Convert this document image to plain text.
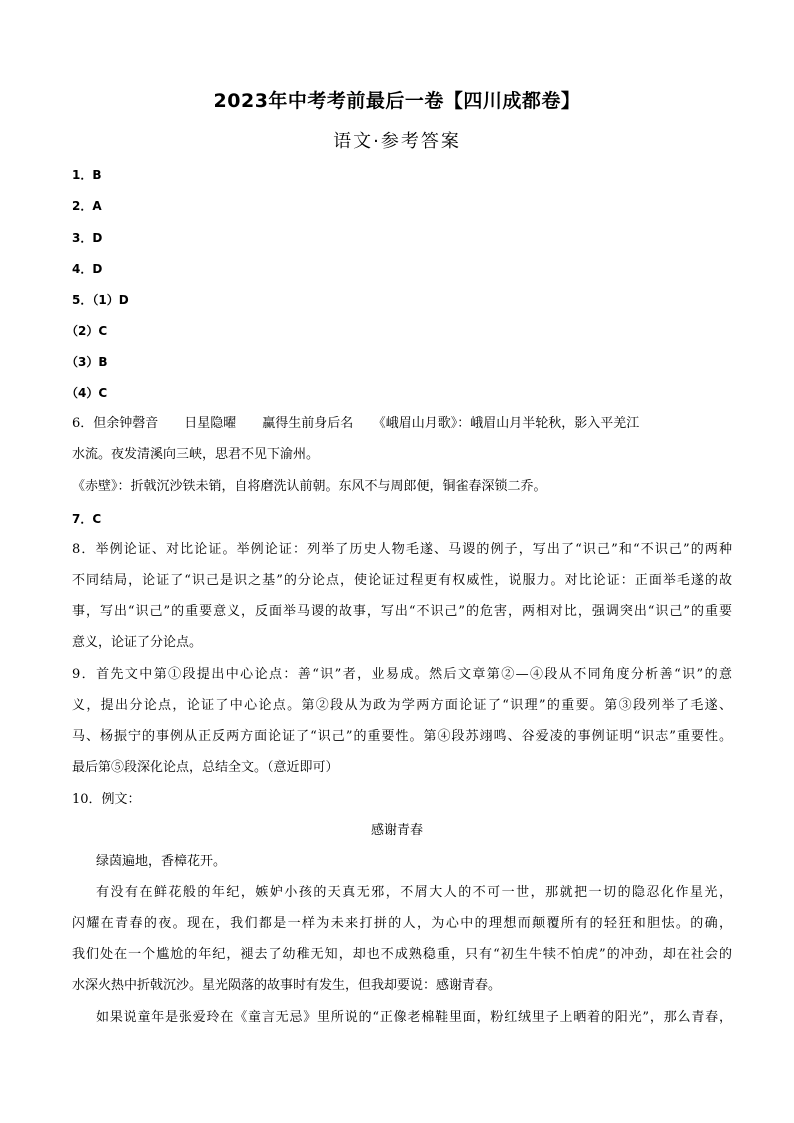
2023年中考考前最后一卷【四川成都卷】
语文·参考答案
1．B
2．A
3．D
4．D
5．（1）D
（2）C
（3）B
（4）C
6．但余钟磬音　　日星隐曜　　赢得生前身后名　　《峨眉山月歌》：峨眉山月半轮秋，影入平羌江
水流。夜发清溪向三峡，思君不见下渝州。
《赤壁》：折戟沉沙铁未销，自将磨洗认前朝。东风不与周郎便，铜雀春深锁二乔。
7．C
8．举例论证、对比论证。举例论证：列举了历史人物毛遂、马谡的例子，写出了“识己”和“不识己”的两种
不同结局，论证了“识己是识之基”的分论点，使论证过程更有权威性，说服力。对比论证：正面举毛遂的故
事，写出“识己”的重要意义，反面举马谡的故事，写出“不识己”的危害，两相对比，强调突出“识己”的重要
意义，论证了分论点。
9．首先文中第①段提出中心论点：善“识”者，业易成。然后文章第②—④段从不同角度分析善“识”的意
义，提出分论点，论证了中心论点。第②段从为政为学两方面论证了“识理”的重要。第③段列举了毛遂、
马、杨振宁的事例从正反两方面论证了“识己”的重要性。第④段苏翊鸣、谷爱凌的事例证明“识志”重要性。
最后第⑤段深化论点，总结全文。（意近即可）
10．例文：
感谢青春
绿茵遍地，香樟花开。
有没有在鲜花般的年纪，嫉妒小孩的天真无邪，不屑大人的不可一世，那就把一切的隐忍化作星光，
闪耀在青春的夜。现在，我们都是一样为未来打拼的人，为心中的理想而颠覆所有的轻狂和胆怯。的确，
我们处在一个尴尬的年纪，褪去了幼稚无知，却也不成熟稳重，只有“初生牛犊不怕虎”的冲劲，却在社会的
水深火热中折戟沉沙。星光陨落的故事时有发生，但我却要说：感谢青春。
如果说童年是张爱玲在《童言无忌》里所说的“正像老棉鞋里面，粉红绒里子上晒着的阳光”，那么青春，
